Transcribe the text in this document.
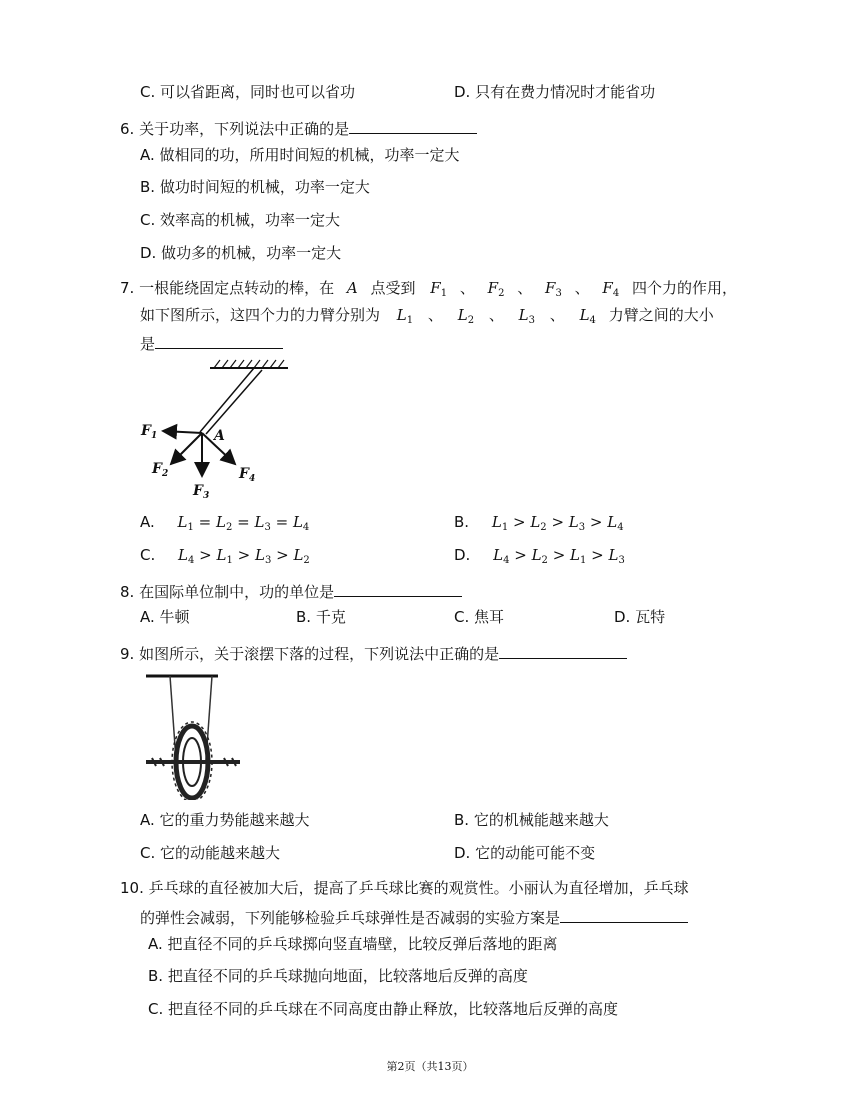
C. 可以省距离，同时也可以省功	D. 只有在费力情况时才能省功
6. 关于功率，下列说法中正确的是
A. 做相同的功，所用时间短的机械，功率一定大
B. 做功时间短的机械，功率一定大
C. 效率高的机械，功率一定大
D. 做功多的机械，功率一定大
7. 一根能绕固定点转动的棒，在 A 点受到 $F_1$ 、 $F_2$ 、 $F_3$ 、 $F_4$ 四个力的作用，
如下图所示，这四个力的力臂分别为 $L_1$ 、 $L_2$ 、 $L_3$ 、 $L_4$ 力臂之间的大小
是
F 1
F 2
F 3
F 4
A
A. $L_1 = L_2 = L_3 = L_4$	B. $L_1 > L_2 > L_3 > L_4$
C. $L_4 > L_1 > L_3 > L_2$	D. $L_4 > L_2 > L_1 > L_3$
8. 在国际单位制中，功的单位是
A. 牛顿	B. 千克	C. 焦耳	D. 瓦特
9. 如图所示，关于滚摆下落的过程，下列说法中正确的是
A. 它的重力势能越来越大	B. 它的机械能越来越大
C. 它的动能越来越大	D. 它的动能可能不变
10. 乒乓球的直径被加大后，提高了乒乓球比赛的观赏性。小丽认为直径增加，乒乓球
的弹性会减弱，下列能够检验乒乓球弹性是否减弱的实验方案是
A. 把直径不同的乒乓球掷向竖直墙壁，比较反弹后落地的距离
B. 把直径不同的乒乓球抛向地面，比较落地后反弹的高度
C. 把直径不同的乒乓球在不同高度由静止释放，比较落地后反弹的高度
第2页（共13页）
